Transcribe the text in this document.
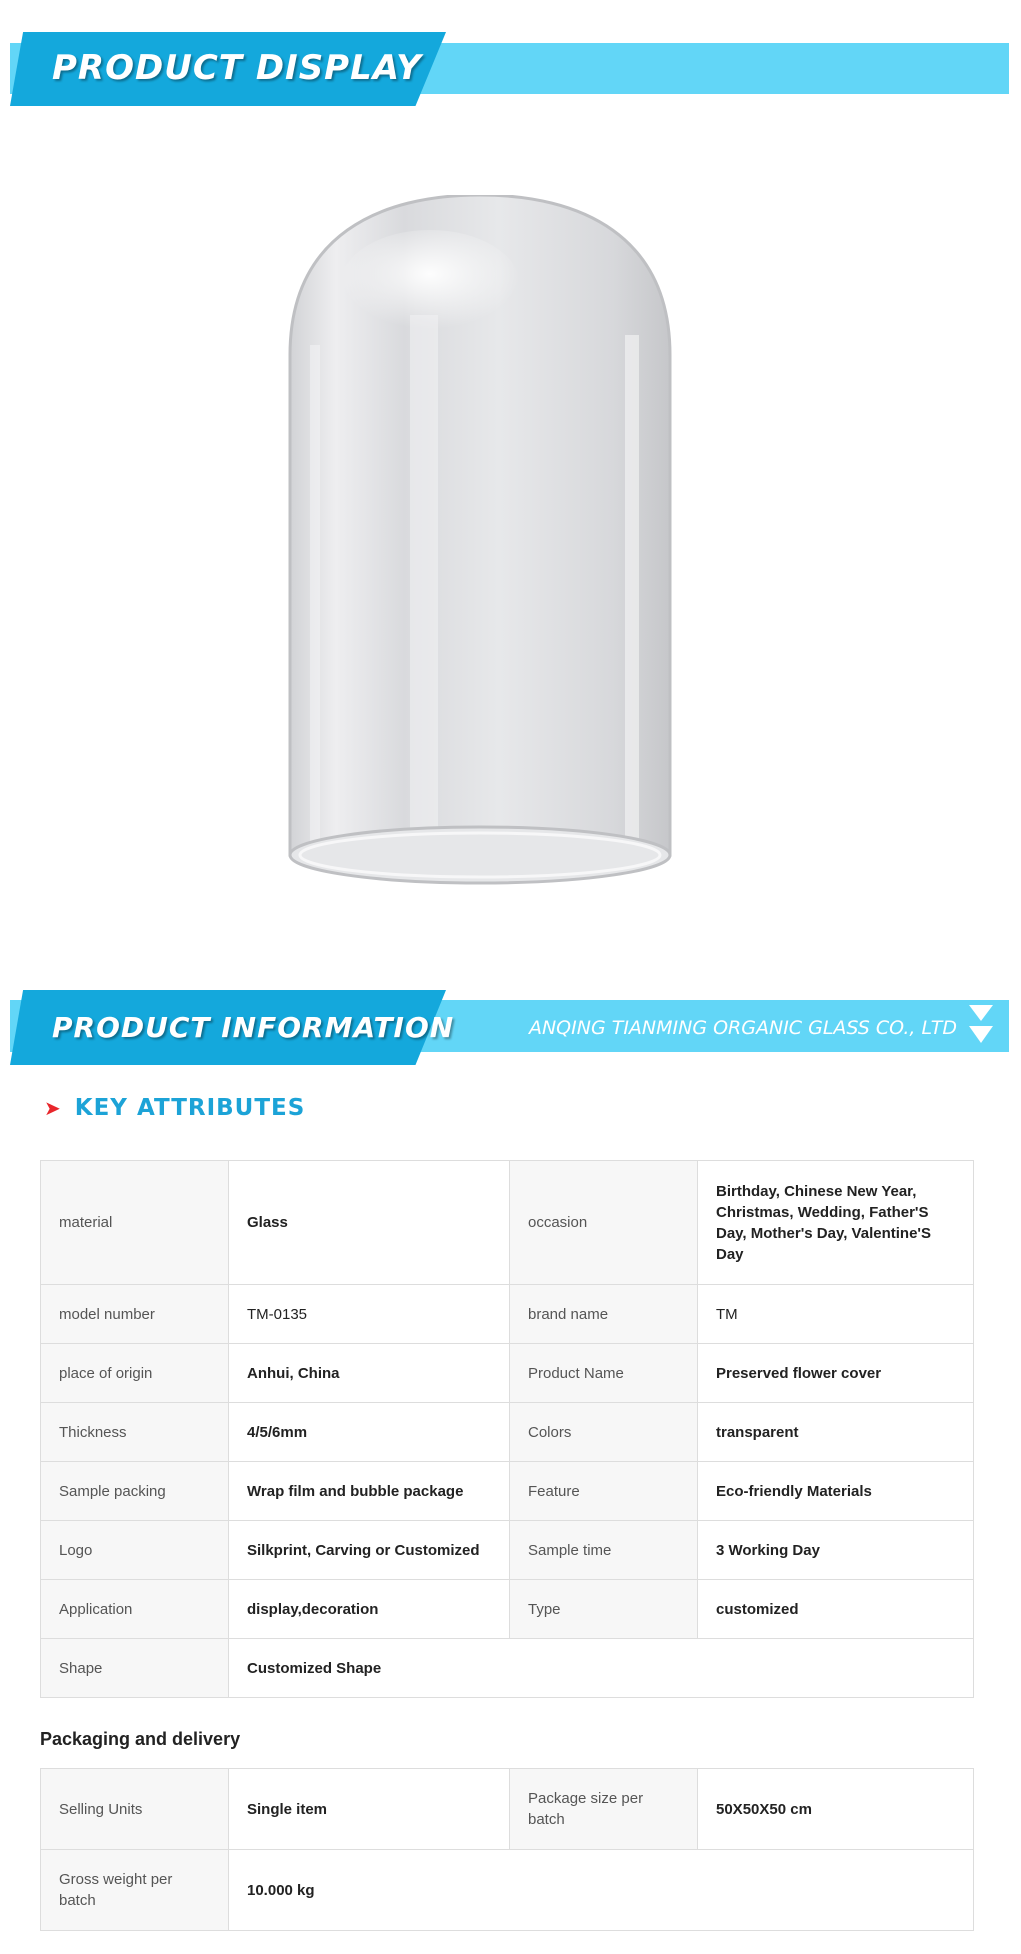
PRODUCT DISPLAY
PRODUCT INFORMATION	ANQING TIANMING ORGANIC GLASS CO., LTD
➤ KEY ATTRIBUTES
material	Glass	occasion	Birthday, Chinese New Year, Christmas, Wedding, Father'S Day, Mother's Day, Valentine'S Day
model number	TM-0135	brand name	TM
place of origin	Anhui, China	Product Name	Preserved flower cover
Thickness	4/5/6mm	Colors	transparent
Sample packing	Wrap film and bubble package	Feature	Eco-friendly Materials
Logo	Silkprint, Carving or Customized	Sample time	3 Working Day
Application	display,decoration	Type	customized
Shape	Customized Shape		
Packaging and delivery
Selling Units	Single item	Package size per batch	50X50X50 cm
Gross weight per batch	10.000 kg		
